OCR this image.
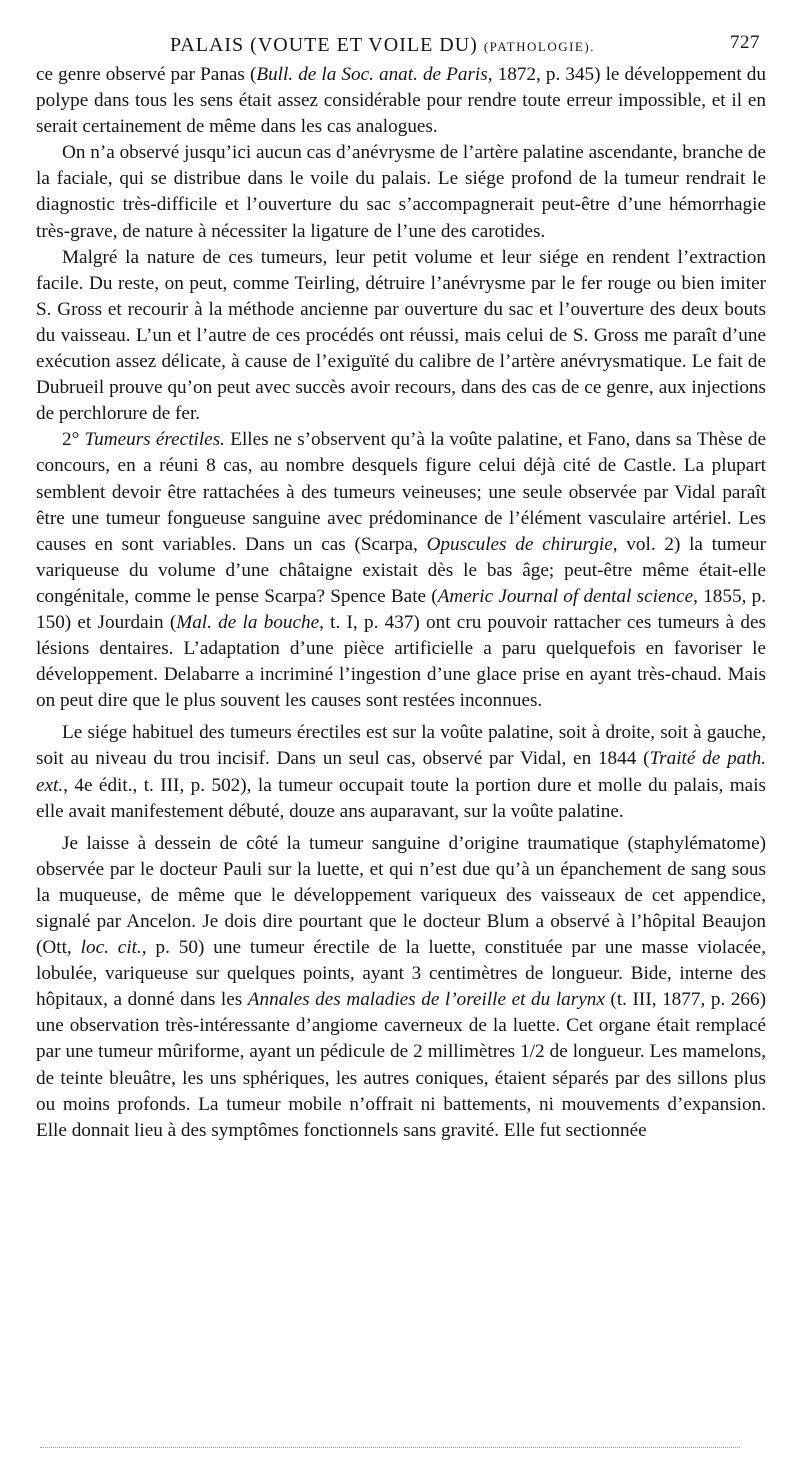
PALAIS (VOUTE ET VOILE DU) (PATHOLOGIE).	727

ce genre observé par Panas (Bull. de la Soc. anat. de Paris, 1872, p. 345) le développement du polype dans tous les sens était assez considérable pour rendre toute erreur impossible, et il en serait certainement de même dans les cas analogues.

On n’a observé jusqu’ici aucun cas d’anévrysme de l’artère palatine ascendante, branche de la faciale, qui se distribue dans le voile du palais. Le siége profond de la tumeur rendrait le diagnostic très-difficile et l’ouverture du sac s’accompagnerait peut-être d’une hémorrhagie très-grave, de nature à nécessiter la ligature de l’une des carotides.

Malgré la nature de ces tumeurs, leur petit volume et leur siége en rendent l’extraction facile. Du reste, on peut, comme Teirling, détruire l’anévrysme par le fer rouge ou bien imiter S. Gross et recourir à la méthode ancienne par ouverture du sac et l’ouverture des deux bouts du vaisseau. L’un et l’autre de ces procédés ont réussi, mais celui de S. Gross me paraît d’une exécution assez délicate, à cause de l’exiguïté du calibre de l’artère anévrysmatique. Le fait de Dubrueil prouve qu’on peut avec succès avoir recours, dans des cas de ce genre, aux injections de perchlorure de fer.

2° Tumeurs érectiles. Elles ne s’observent qu’à la voûte palatine, et Fano, dans sa Thèse de concours, en a réuni 8 cas, au nombre desquels figure celui déjà cité de Castle. La plupart semblent devoir être rattachées à des tumeurs veineuses; une seule observée par Vidal paraît être une tumeur fongueuse sanguine avec prédominance de l’élément vasculaire artériel. Les causes en sont variables. Dans un cas (Scarpa, Opuscules de chirurgie, vol. 2) la tumeur variqueuse du volume d’une châtaigne existait dès le bas âge; peut-être même était-elle congénitale, comme le pense Scarpa? Spence Bate (Americ Journal of dental science, 1855, p. 150) et Jourdain (Mal. de la bouche, t. I, p. 437) ont cru pouvoir rattacher ces tumeurs à des lésions dentaires. L’adaptation d’une pièce artificielle a paru quelquefois en favoriser le développement. Delabarre a incriminé l’ingestion d’une glace prise en ayant très-chaud. Mais on peut dire que le plus souvent les causes sont restées inconnues.

Le siége habituel des tumeurs érectiles est sur la voûte palatine, soit à droite, soit à gauche, soit au niveau du trou incisif. Dans un seul cas, observé par Vidal, en 1844 (Traité de path. ext., 4e édit., t. III, p. 502), la tumeur occupait toute la portion dure et molle du palais, mais elle avait manifestement débuté, douze ans auparavant, sur la voûte palatine.

Je laisse à dessein de côté la tumeur sanguine d’origine traumatique (staphylématome) observée par le docteur Pauli sur la luette, et qui n’est due qu’à un épanchement de sang sous la muqueuse, de même que le développement variqueux des vaisseaux de cet appendice, signalé par Ancelon. Je dois dire pourtant que le docteur Blum a observé à l’hôpital Beaujon (Ott, loc. cit., p. 50) une tumeur érectile de la luette, constituée par une masse violacée, lobulée, variqueuse sur quelques points, ayant 3 centimètres de longueur. Bide, interne des hôpitaux, a donné dans les Annales des maladies de l’oreille et du larynx (t. III, 1877, p. 266) une observation très-intéressante d’angiome caverneux de la luette. Cet organe était remplacé par une tumeur mûriforme, ayant un pédicule de 2 millimètres 1/2 de longueur. Les mamelons, de teinte bleuâtre, les uns sphériques, les autres coniques, étaient séparés par des sillons plus ou moins profonds. La tumeur mobile n’offrait ni battements, ni mouvements d’expansion. Elle donnait lieu à des symptômes fonctionnels sans gravité. Elle fut sectionnée
